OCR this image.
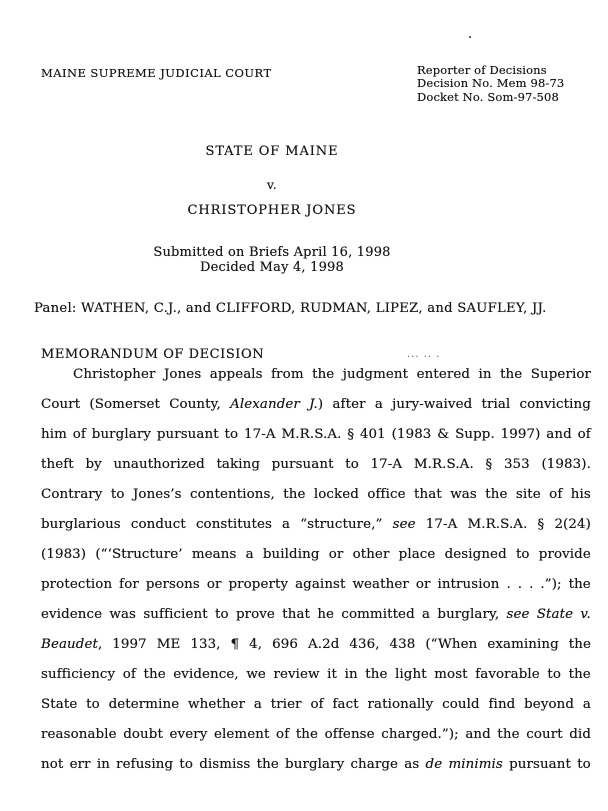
MAINE SUPREME JUDICIAL COURT	Reporter of Decisions
Decision No. Mem 98-73
Docket No. Som-97-508
STATE OF MAINE
v.
CHRISTOPHER JONES
Submitted on Briefs April 16, 1998
Decided May 4, 1998
Panel: WATHEN, C.J., and CLIFFORD, RUDMAN, LIPEZ, and SAUFLEY, JJ.
MEMORANDUM OF DECISION	... .. .
Christopher Jones appeals from the judgment entered in the Superior
Court (Somerset County, Alexander J.) after a jury-waived trial convicting
him of burglary pursuant to 17-A M.R.S.A. § 401 (1983 & Supp. 1997) and of
theft by unauthorized taking pursuant to 17-A M.R.S.A. § 353 (1983).
Contrary to Jones’s contentions, the locked office that was the site of his
burglarious conduct constitutes a “structure,” see 17-A M.R.S.A. § 2(24)
(1983) (“‘Structure’ means a building or other place designed to provide
protection for persons or property against weather or intrusion . . . .”); the
evidence was sufficient to prove that he committed a burglary, see State v.
Beaudet, 1997 ME 133, ¶ 4, 696 A.2d 436, 438 (“When examining the
sufficiency of the evidence, we review it in the light most favorable to the
State to determine whether a trier of fact rationally could find beyond a
reasonable doubt every element of the offense charged.”); and the court did
not err in refusing to dismiss the burglary charge as de minimis pursuant to
